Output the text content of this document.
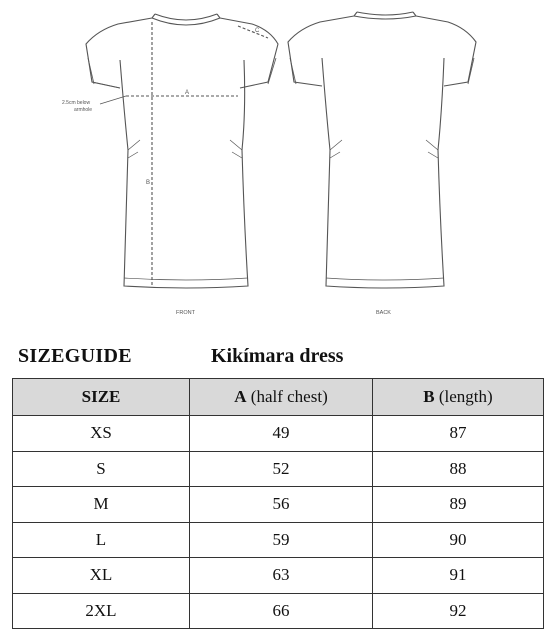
A
B
C
2.5cm below
armhole
FRONT	BACK
SIZEGUIDE	Kikímara dress
SIZE	A (half chest)	B (length)
XS	49	87
S	52	88
M	56	89
L	59	90
XL	63	91
2XL	66	92
